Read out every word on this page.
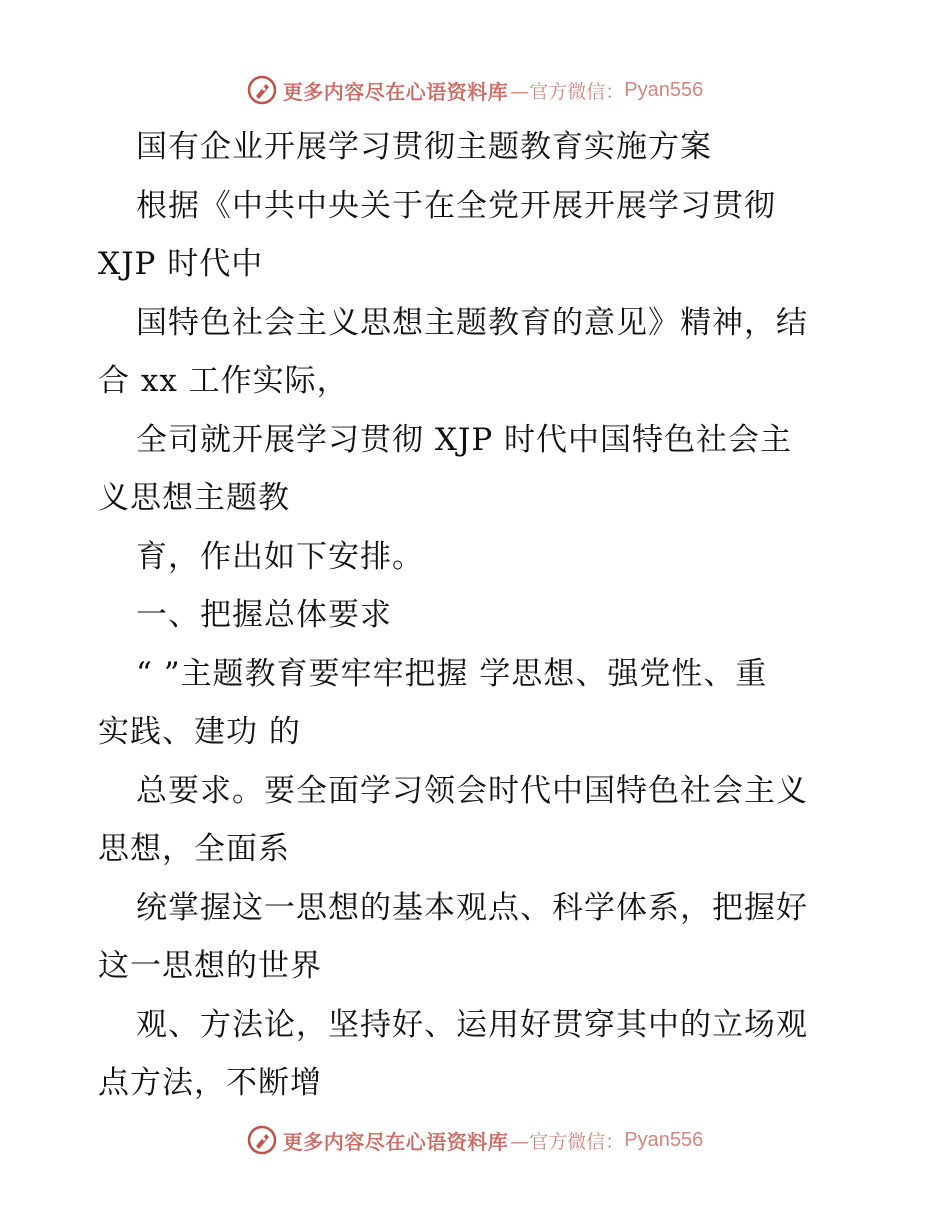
更多内容尽在心语资料库 —官方微信： Pyan556
国有企业开展学习贯彻主题教育实施方案
根据《中共中央关于在全党开展开展学习贯彻
XJP 时代中
国特色社会主义思想主题教育的意见》精神，结
合 xx 工作实际，
全司就开展学习贯彻 XJP 时代中国特色社会主
义思想主题教
育，作出如下安排。
一、把握总体要求
“ ”主题教育要牢牢把握 学思想、强党性、重
实践、建功 的
总要求。要全面学习领会时代中国特色社会主义
思想，全面系
统掌握这一思想的基本观点、科学体系，把握好
这一思想的世界
观、方法论，坚持好、运用好贯穿其中的立场观
点方法，不断增
更多内容尽在心语资料库 —官方微信： Pyan556
